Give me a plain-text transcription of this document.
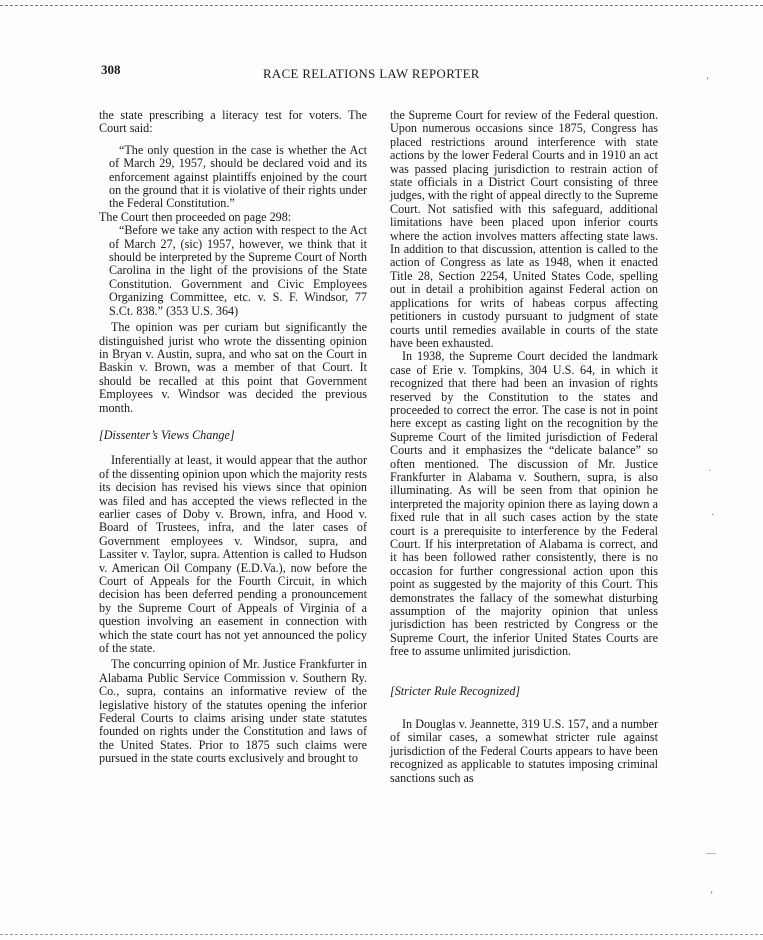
308	RACE RELATIONS LAW REPORTER

the state prescribing a literacy test for voters. The Court said:

“The only question in the case is whether the Act of March 29, 1957, should be declared void and its enforcement against plaintiffs enjoined by the court on the ground that it is violative of their rights under the Federal Constitution.”

The Court then proceeded on page 298:

“Before we take any action with respect to the Act of March 27, (sic) 1957, however, we think that it should be interpreted by the Supreme Court of North Carolina in the light of the provisions of the State Constitution. Government and Civic Employees Organizing Committee, etc. v. S. F. Windsor, 77 S.Ct. 838.” (353 U.S. 364)

The opinion was per curiam but significantly the distinguished jurist who wrote the dissenting opinion in Bryan v. Austin, supra, and who sat on the Court in Baskin v. Brown, was a member of that Court. It should be recalled at this point that Government Employees v. Windsor was decided the previous month.

[Dissenter’s Views Change]

Inferentially at least, it would appear that the author of the dissenting opinion upon which the majority rests its decision has revised his views since that opinion was filed and has accepted the views reflected in the earlier cases of Doby v. Brown, infra, and Hood v. Board of Trustees, infra, and the later cases of Government employees v. Windsor, supra, and Lassiter v. Taylor, supra. Attention is called to Hudson v. American Oil Company (E.D.Va.), now before the Court of Appeals for the Fourth Circuit, in which decision has been deferred pending a pronouncement by the Supreme Court of Appeals of Virginia of a question involving an easement in connection with which the state court has not yet announced the policy of the state.

The concurring opinion of Mr. Justice Frankfurter in Alabama Public Service Commission v. Southern Ry. Co., supra, contains an informative review of the legislative history of the statutes opening the inferior Federal Courts to claims arising under state statutes founded on rights under the Constitution and laws of the United States. Prior to 1875 such claims were pursued in the state courts exclusively and brought to

the Supreme Court for review of the Federal question. Upon numerous occasions since 1875, Congress has placed restrictions around interference with state actions by the lower Federal Courts and in 1910 an act was passed placing jurisdiction to restrain action of state officials in a District Court consisting of three judges, with the right of appeal directly to the Supreme Court. Not satisfied with this safeguard, additional limitations have been placed upon inferior courts where the action involves matters affecting state laws. In addition to that discussion, attention is called to the action of Congress as late as 1948, when it enacted Title 28, Section 2254, United States Code, spelling out in detail a prohibition against Federal action on applications for writs of habeas corpus affecting petitioners in custody pursuant to judgment of state courts until remedies available in courts of the state have been exhausted.

In 1938, the Supreme Court decided the landmark case of Erie v. Tompkins, 304 U.S. 64, in which it recognized that there had been an invasion of rights reserved by the Constitution to the states and proceeded to correct the error. The case is not in point here except as casting light on the recognition by the Supreme Court of the limited jurisdiction of Federal Courts and it emphasizes the “delicate balance” so often mentioned. The discussion of Mr. Justice Frankfurter in Alabama v. Southern, supra, is also illuminating. As will be seen from that opinion he interpreted the majority opinion there as laying down a fixed rule that in all such cases action by the state court is a prerequisite to interference by the Federal Court. If his interpretation of Alabama is correct, and it has been followed rather consistently, there is no occasion for further congressional action upon this point as suggested by the majority of this Court. This demonstrates the fallacy of the somewhat disturbing assumption of the majority opinion that unless jurisdiction has been restricted by Congress or the Supreme Court, the inferior United States Courts are free to assume unlimited jurisdiction.

[Stricter Rule Recognized]

In Douglas v. Jeannette, 319 U.S. 157, and a number of similar cases, a somewhat stricter rule against jurisdiction of the Federal Courts appears to have been recognized as applicable to statutes imposing criminal sanctions such as

‘
·
·
—
‘
